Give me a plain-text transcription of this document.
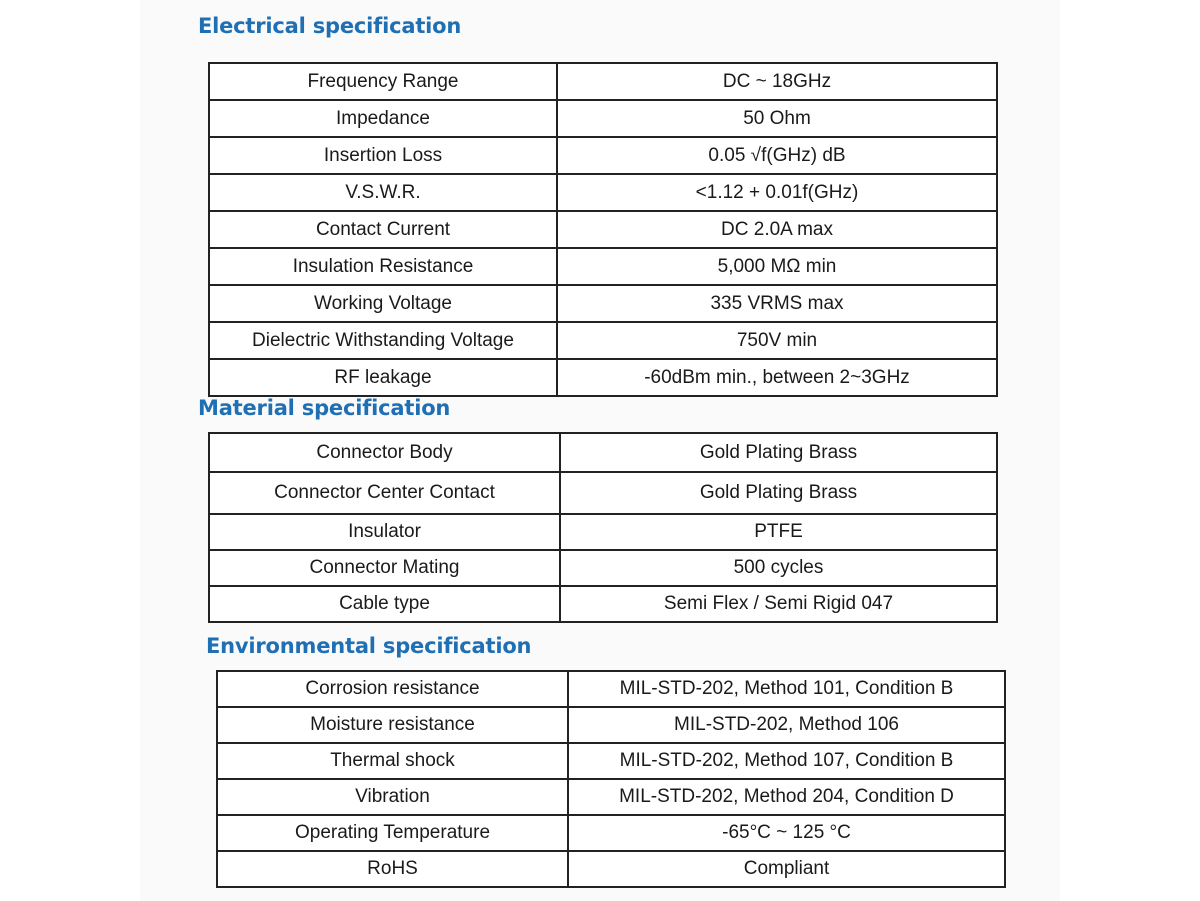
Electrical specification
Frequency Range	DC ~ 18GHz
Impedance	50 Ohm
Insertion Loss	0.05 √f(GHz) dB
V.S.W.R.	<1.12 + 0.01f(GHz)
Contact Current	DC 2.0A max
Insulation Resistance	5,000 MΩ min
Working Voltage	335 VRMS max
Dielectric Withstanding Voltage	750V min
RF leakage	-60dBm min., between 2~3GHz
Material specification
Connector Body	Gold Plating Brass
Connector Center Contact	Gold Plating Brass
Insulator	PTFE
Connector Mating	500 cycles
Cable type	Semi Flex / Semi Rigid 047
Environmental specification
Corrosion resistance	MIL-STD-202, Method 101, Condition B
Moisture resistance	MIL-STD-202, Method 106
Thermal shock	MIL-STD-202, Method 107, Condition B
Vibration	MIL-STD-202, Method 204, Condition D
Operating Temperature	-65°C ~ 125 °C
RoHS	Compliant
